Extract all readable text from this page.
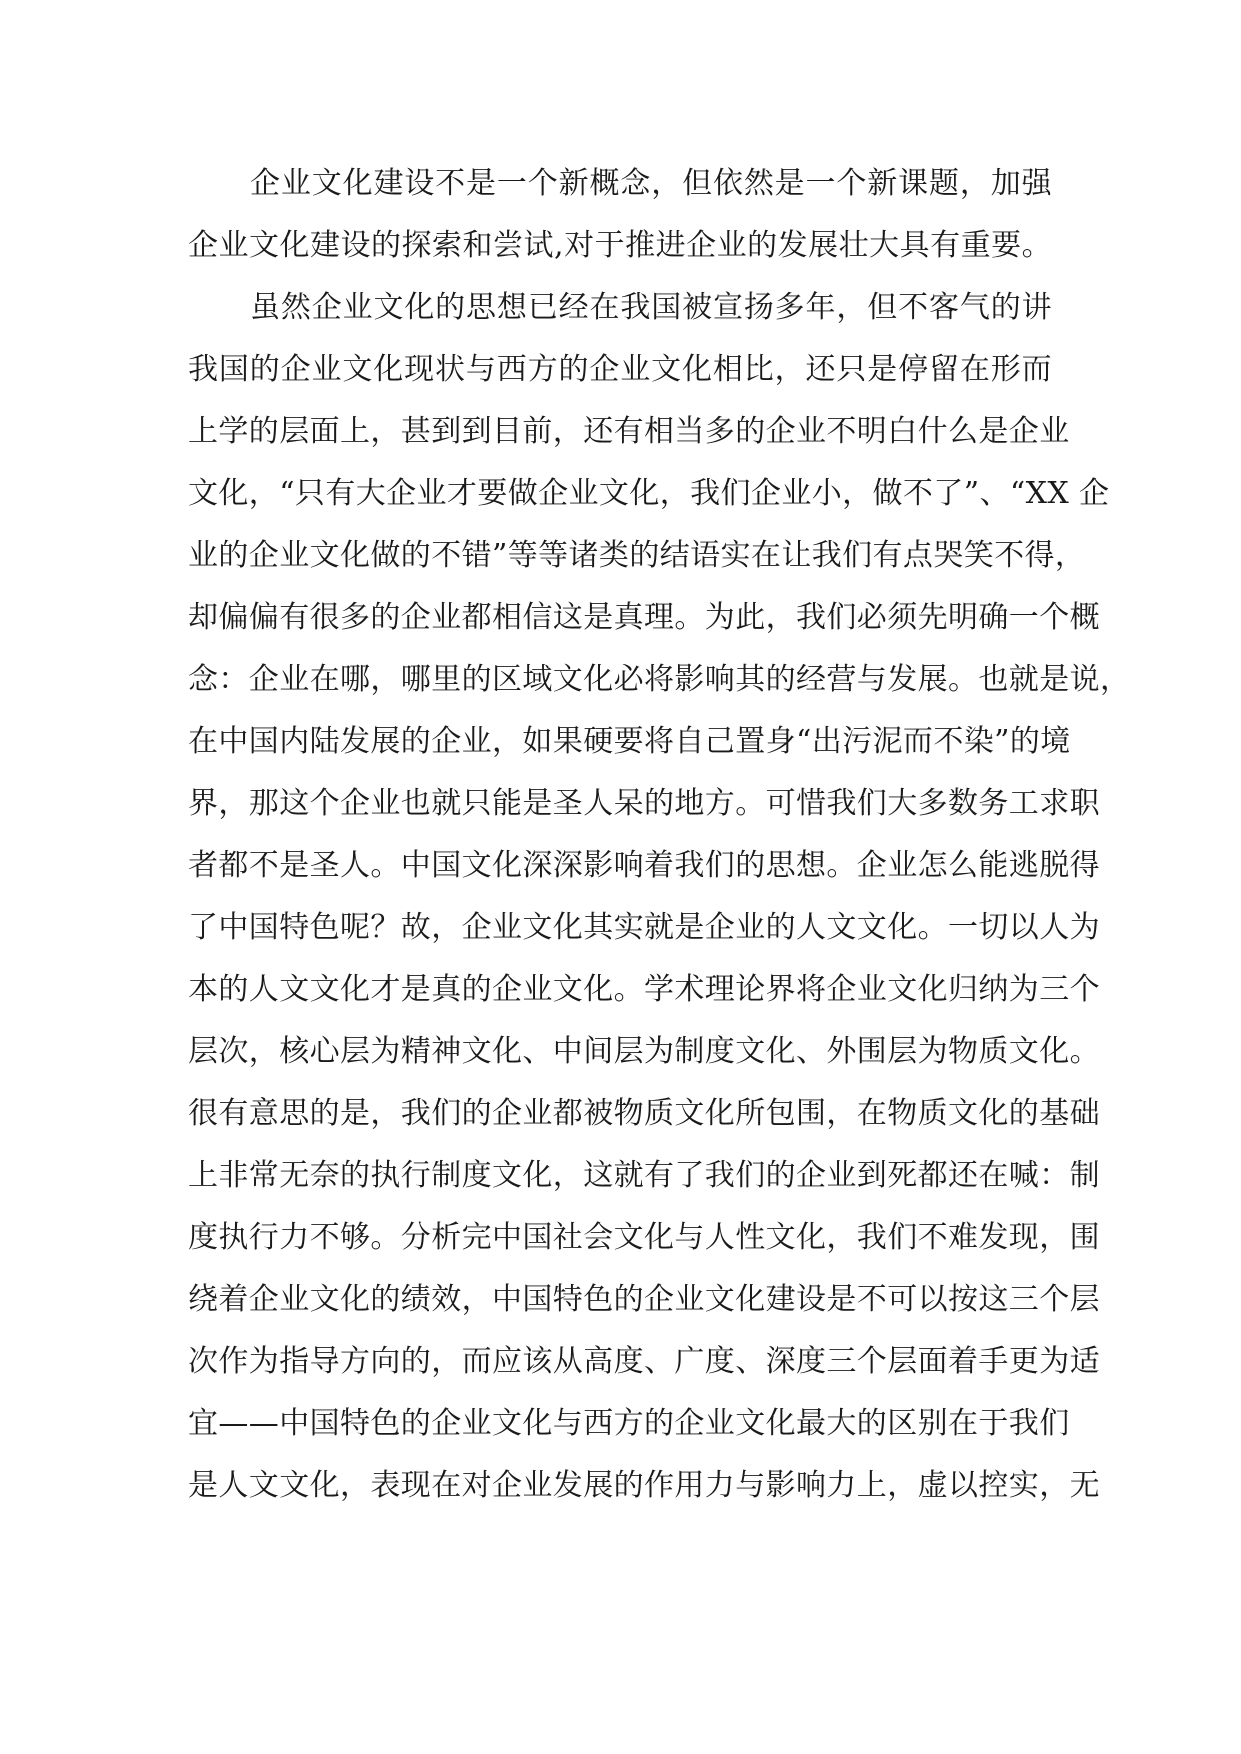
企业文化建设不是一个新概念，但依然是一个新课题，加强
企业文化建设的探索和尝试,对于推进企业的发展壮大具有重要。
虽然企业文化的思想已经在我国被宣扬多年，但不客气的讲
我国的企业文化现状与西方的企业文化相比，还只是停留在形而
上学的层面上，甚到到目前，还有相当多的企业不明白什么是企业
文化，“只有大企业才要做企业文化，我们企业小，做不了”、“XX 企
业的企业文化做的不错”等等诸类的结语实在让我们有点哭笑不得，
却偏偏有很多的企业都相信这是真理。为此，我们必须先明确一个概
念：企业在哪，哪里的区域文化必将影响其的经营与发展。也就是说，
在中国内陆发展的企业，如果硬要将自己置身“出污泥而不染”的境
界，那这个企业也就只能是圣人呆的地方。可惜我们大多数务工求职
者都不是圣人。中国文化深深影响着我们的思想。企业怎么能逃脱得
了中国特色呢？故，企业文化其实就是企业的人文文化。一切以人为
本的人文文化才是真的企业文化。学术理论界将企业文化归纳为三个
层次，核心层为精神文化、中间层为制度文化、外围层为物质文化。
很有意思的是，我们的企业都被物质文化所包围，在物质文化的基础
上非常无奈的执行制度文化，这就有了我们的企业到死都还在喊：制
度执行力不够。分析完中国社会文化与人性文化，我们不难发现，围
绕着企业文化的绩效，中国特色的企业文化建设是不可以按这三个层
次作为指导方向的，而应该从高度、广度、深度三个层面着手更为适
宜——中国特色的企业文化与西方的企业文化最大的区别在于我们
是人文文化，表现在对企业发展的作用力与影响力上，虚以控实，无
